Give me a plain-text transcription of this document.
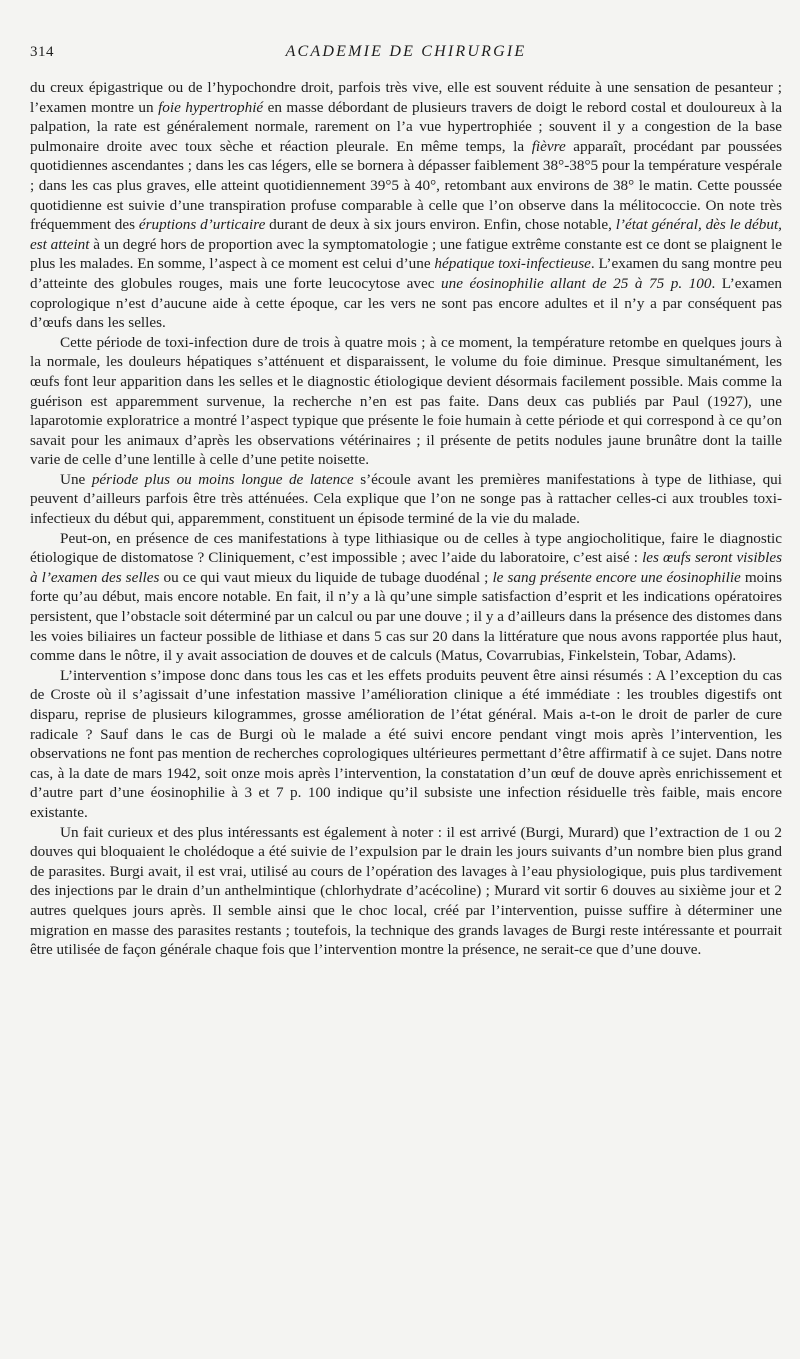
314	ACADEMIE DE CHIRURGIE

du creux épigastrique ou de l’hypochondre droit, parfois très vive, elle est souvent réduite à une sensation de pesanteur ; l’examen montre un foie hypertrophié en masse débordant de plusieurs travers de doigt le rebord costal et douloureux à la palpation, la rate est généralement normale, rarement on l’a vue hypertrophiée ; souvent il y a congestion de la base pulmonaire droite avec toux sèche et réaction pleurale. En même temps, la fièvre apparaît, procédant par poussées quotidiennes ascendantes ; dans les cas légers, elle se bornera à dépasser faiblement 38°-38°5 pour la température vespérale ; dans les cas plus graves, elle atteint quotidiennement 39°5 à 40°, retombant aux environs de 38° le matin. Cette poussée quotidienne est suivie d’une transpiration profuse comparable à celle que l’on observe dans la mélitococcie. On note très fréquemment des éruptions d’urticaire durant de deux à six jours environ. Enfin, chose notable, l’état général, dès le début, est atteint à un degré hors de proportion avec la symptomatologie ; une fatigue extrême constante est ce dont se plaignent le plus les malades. En somme, l’aspect à ce moment est celui d’une hépatique toxi-infectieuse. L’examen du sang montre peu d’atteinte des globules rouges, mais une forte leucocytose avec une éosinophilie allant de 25 à 75 p. 100. L’examen coprologique n’est d’aucune aide à cette époque, car les vers ne sont pas encore adultes et il n’y a par conséquent pas d’œufs dans les selles.

Cette période de toxi-infection dure de trois à quatre mois ; à ce moment, la température retombe en quelques jours à la normale, les douleurs hépatiques s’atténuent et disparaissent, le volume du foie diminue. Presque simultanément, les œufs font leur apparition dans les selles et le diagnostic étiologique devient désormais facilement possible. Mais comme la guérison est apparemment survenue, la recherche n’en est pas faite. Dans deux cas publiés par Paul (1927), une laparotomie exploratrice a montré l’aspect typique que présente le foie humain à cette période et qui correspond à ce qu’on savait pour les animaux d’après les observations vétérinaires ; il présente de petits nodules jaune brunâtre dont la taille varie de celle d’une lentille à celle d’une petite noisette.

Une période plus ou moins longue de latence s’écoule avant les premières manifestations à type de lithiase, qui peuvent d’ailleurs parfois être très atténuées. Cela explique que l’on ne songe pas à rattacher celles-ci aux troubles toxi-infectieux du début qui, apparemment, constituent un épisode terminé de la vie du malade.

Peut-on, en présence de ces manifestations à type lithiasique ou de celles à type angiocholitique, faire le diagnostic étiologique de distomatose ? Cliniquement, c’est impossible ; avec l’aide du laboratoire, c’est aisé : les œufs seront visibles à l’examen des selles ou ce qui vaut mieux du liquide de tubage duodénal ; le sang présente encore une éosinophilie moins forte qu’au début, mais encore notable. En fait, il n’y a là qu’une simple satisfaction d’esprit et les indications opératoires persistent, que l’obstacle soit déterminé par un calcul ou par une douve ; il y a d’ailleurs dans la présence des distomes dans les voies biliaires un facteur possible de lithiase et dans 5 cas sur 20 dans la littérature que nous avons rapportée plus haut, comme dans le nôtre, il y avait association de douves et de calculs (Matus, Covarrubias, Finkelstein, Tobar, Adams).

L’intervention s’impose donc dans tous les cas et les effets produits peuvent être ainsi résumés : A l’exception du cas de Croste où il s’agissait d’une infestation massive l’amélioration clinique a été immédiate : les troubles digestifs ont disparu, reprise de plusieurs kilogrammes, grosse amélioration de l’état général. Mais a-t-on le droit de parler de cure radicale ? Sauf dans le cas de Burgi où le malade a été suivi encore pendant vingt mois après l’intervention, les observations ne font pas mention de recherches coprologiques ultérieures permettant d’être affirmatif à ce sujet. Dans notre cas, à la date de mars 1942, soit onze mois après l’intervention, la constatation d’un œuf de douve après enrichissement et d’autre part d’une éosinophilie à 3 et 7 p. 100 indique qu’il subsiste une infection résiduelle très faible, mais encore existante.

Un fait curieux et des plus intéressants est également à noter : il est arrivé (Burgi, Murard) que l’extraction de 1 ou 2 douves qui bloquaient le cholédoque a été suivie de l’expulsion par le drain les jours suivants d’un nombre bien plus grand de parasites. Burgi avait, il est vrai, utilisé au cours de l’opération des lavages à l’eau physiologique, puis plus tardivement des injections par le drain d’un anthelmintique (chlorhydrate d’acécoline) ; Murard vit sortir 6 douves au sixième jour et 2 autres quelques jours après. Il semble ainsi que le choc local, créé par l’intervention, puisse suffire à déterminer une migration en masse des parasites restants ; toutefois, la technique des grands lavages de Burgi reste intéressante et pourrait être utilisée de façon générale chaque fois que l’intervention montre la présence, ne serait-ce que d’une douve.
